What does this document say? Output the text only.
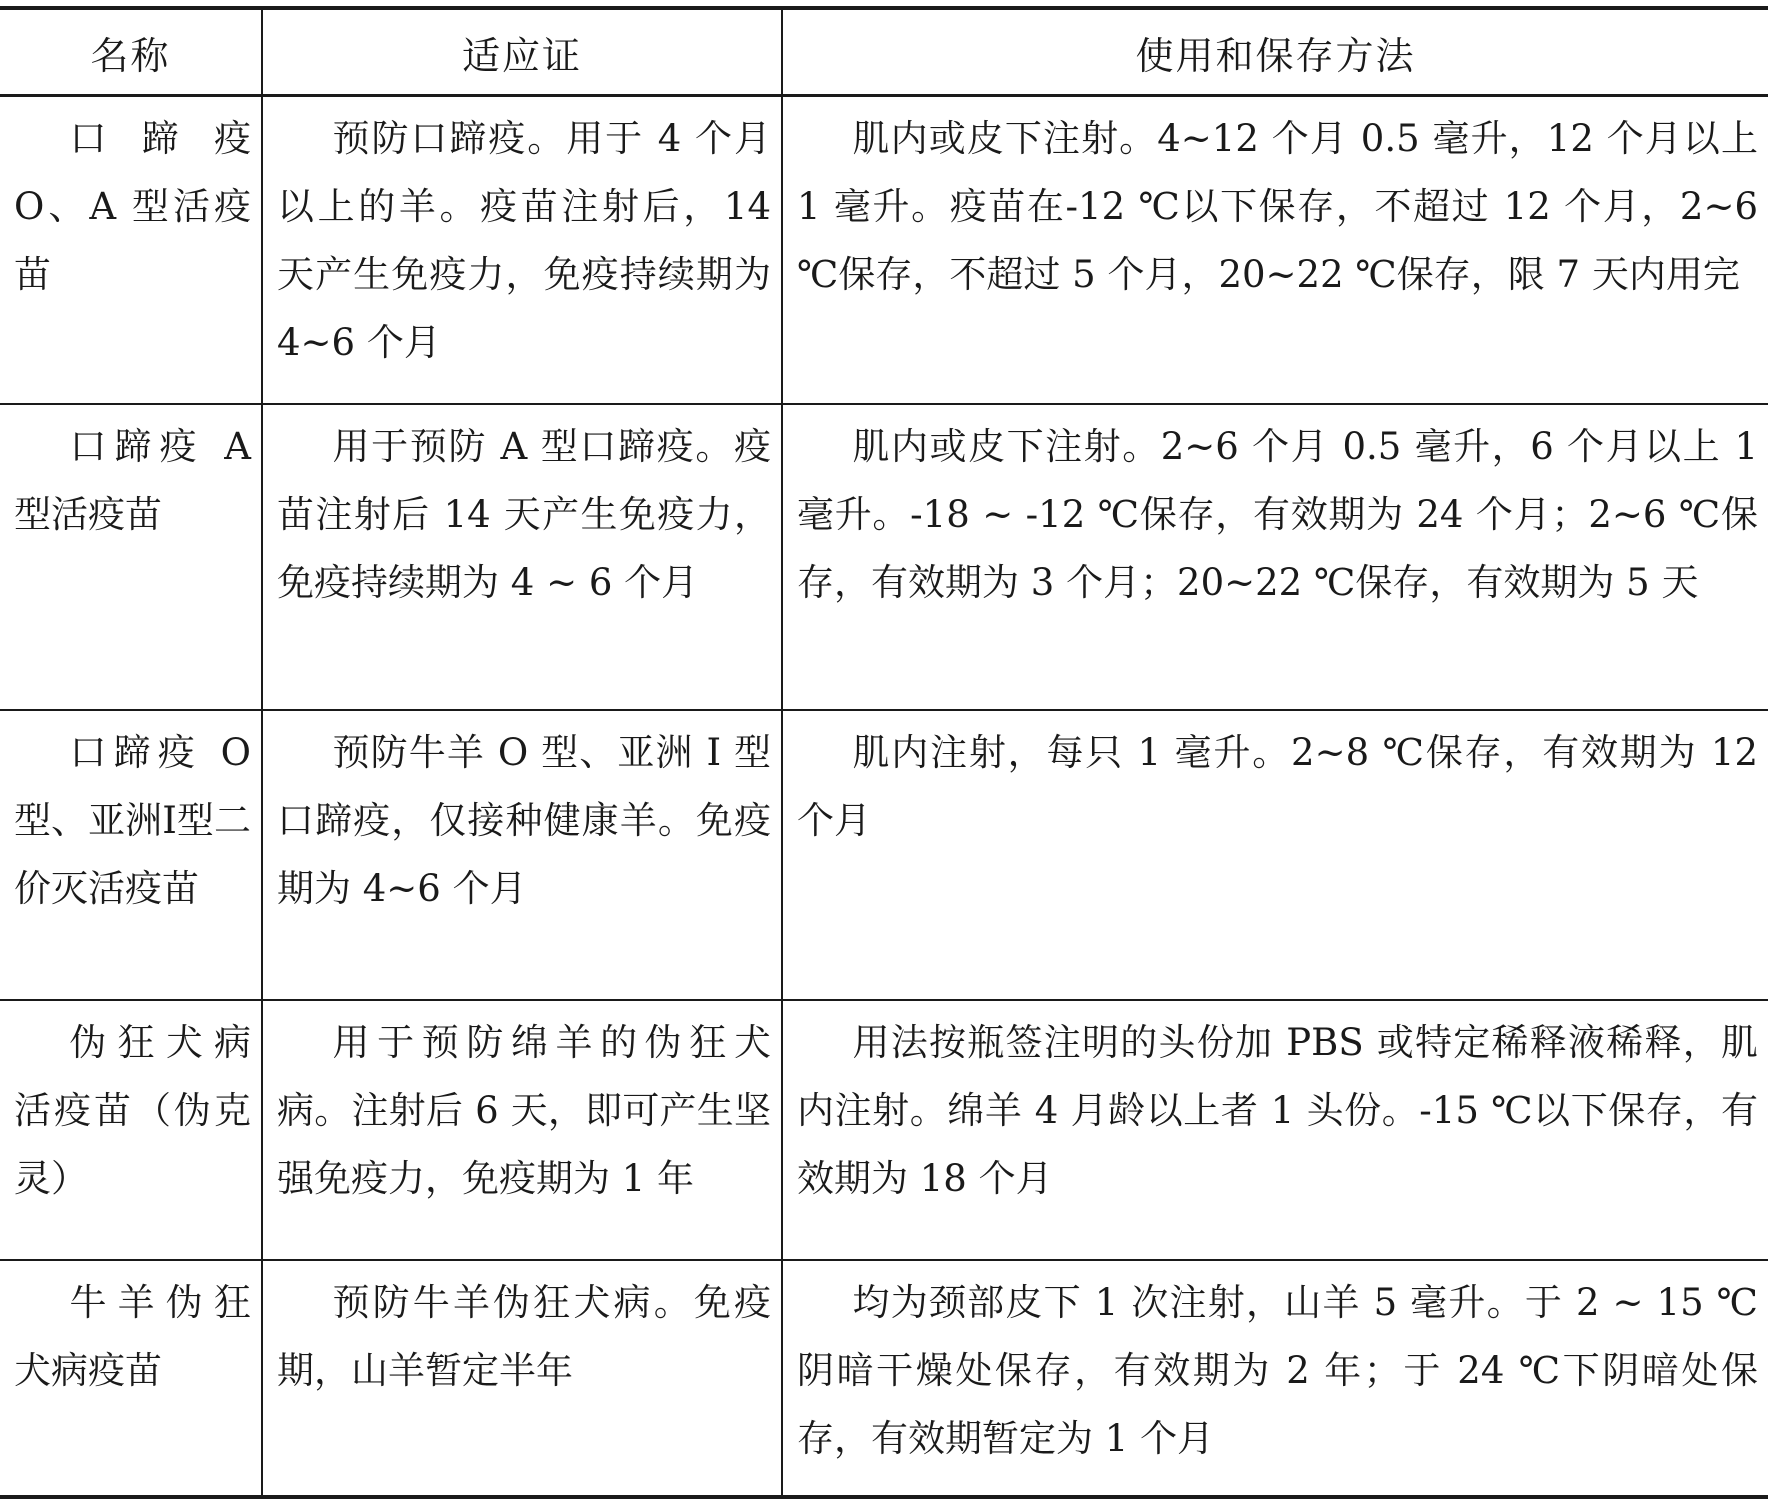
名称	适应证	使用和保存方法
口蹄疫 O、A 型活疫苗	预防口蹄疫。用于 4 个月以上的羊。疫苗注射后，14 天产生免疫力，免疫持续期为 4~6 个月	肌内或皮下注射。4~12 个月 0.5 毫升，12 个月以上 1 毫升。疫苗在-12 ℃以下保存，不超过 12 个月，2~6 ℃保存，不超过 5 个月，20~22 ℃保存，限 7 天内用完
口蹄疫 A 型活疫苗	用于预防 A 型口蹄疫。疫苗注射后 14 天产生免疫力，免疫持续期为 4 ~ 6 个月	肌内或皮下注射。2~6 个月 0.5 毫升，6 个月以上 1 毫升。-18 ~ -12 ℃保存，有效期为 24 个月；2~6 ℃保存，有效期为 3 个月；20~22 ℃保存，有效期为 5 天
口蹄疫 O 型、亚洲I型二价灭活疫苗	预防牛羊 O 型、亚洲 I 型口蹄疫，仅接种健康羊。免疫期为 4~6 个月	肌内注射，每只 1 毫升。2~8 ℃保存，有效期为 12 个月
伪狂犬病活疫苗（伪克灵）	用于预防绵羊的伪狂犬病。注射后 6 天，即可产生坚强免疫力，免疫期为 1 年	用法按瓶签注明的头份加 PBS 或特定稀释液稀释，肌内注射。绵羊 4 月龄以上者 1 头份。-15 ℃以下保存，有效期为 18 个月
牛羊伪狂犬病疫苗	预防牛羊伪狂犬病。免疫期，山羊暂定半年	均为颈部皮下 1 次注射，山羊 5 毫升。于 2 ~ 15 ℃阴暗干燥处保存，有效期为 2 年；于 24 ℃下阴暗处保存，有效期暂定为 1 个月
